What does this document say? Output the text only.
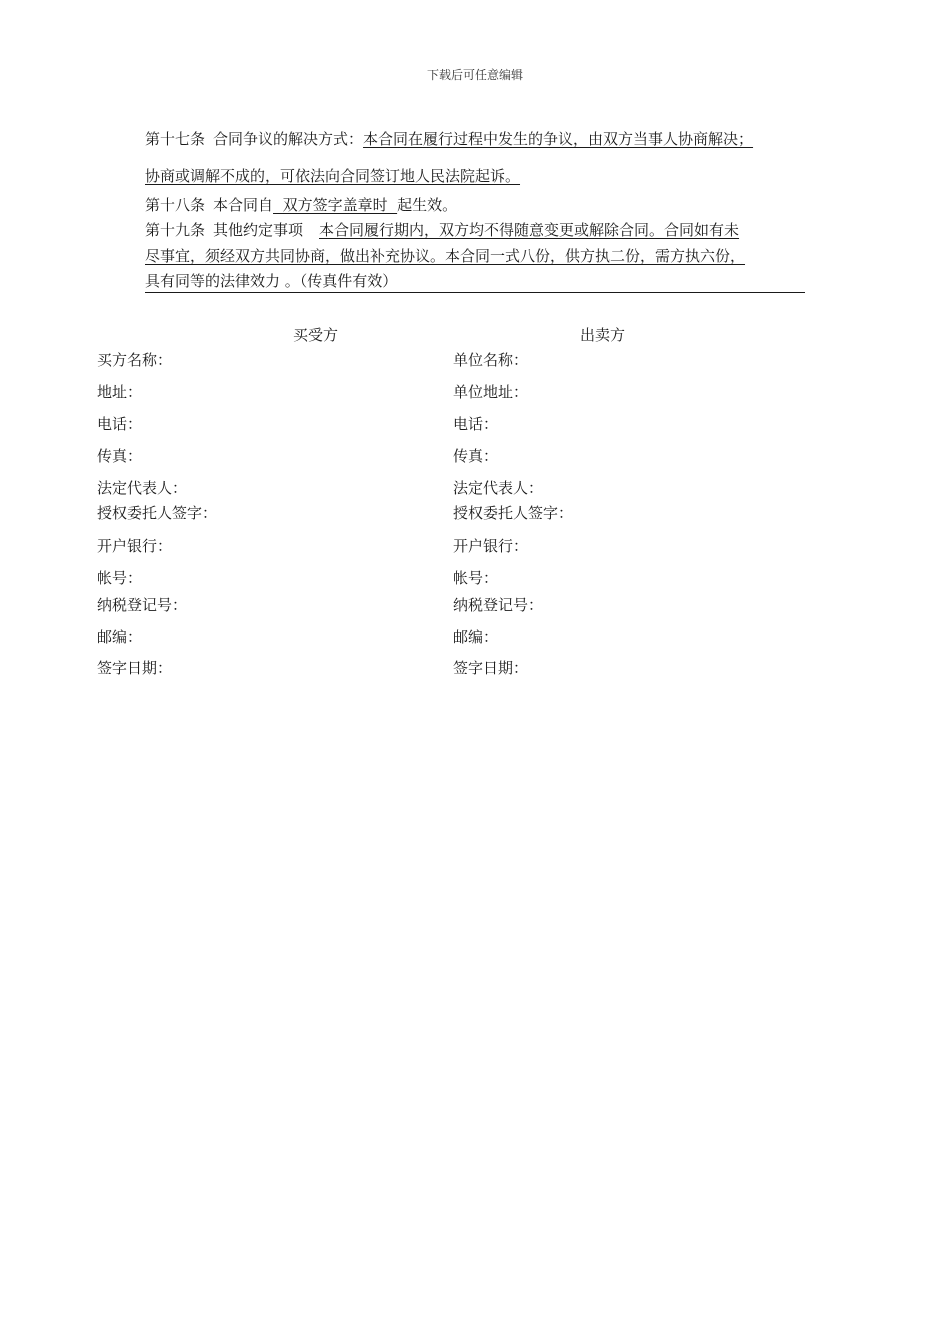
下载后可任意编辑
第十七条 合同争议的解决方式：本合同在履行过程中发生的争议，由双方当事人协商解决；
协商或调解不成的，可依法向合同签订地人民法院起诉。
第十八条 本合同自  双方签字盖章时  起生效。
第十九条 其他约定事项 本合同履行期内，双方均不得随意变更或解除合同。合同如有未
尽事宜，须经双方共同协商，做出补充协议。本合同一式八份，供方执二份，需方执六份，
具有同等的法律效力 。（传真件有效）
买受方	出卖方
买方名称：
地址：
电话：
传真：
法定代表人：
授权委托人签字：
开户银行：
帐号：
纳税登记号：
邮编：
签字日期：
单位名称：
单位地址：
电话：
传真：
法定代表人：
授权委托人签字：
开户银行：
帐号：
纳税登记号：
邮编：
签字日期：
